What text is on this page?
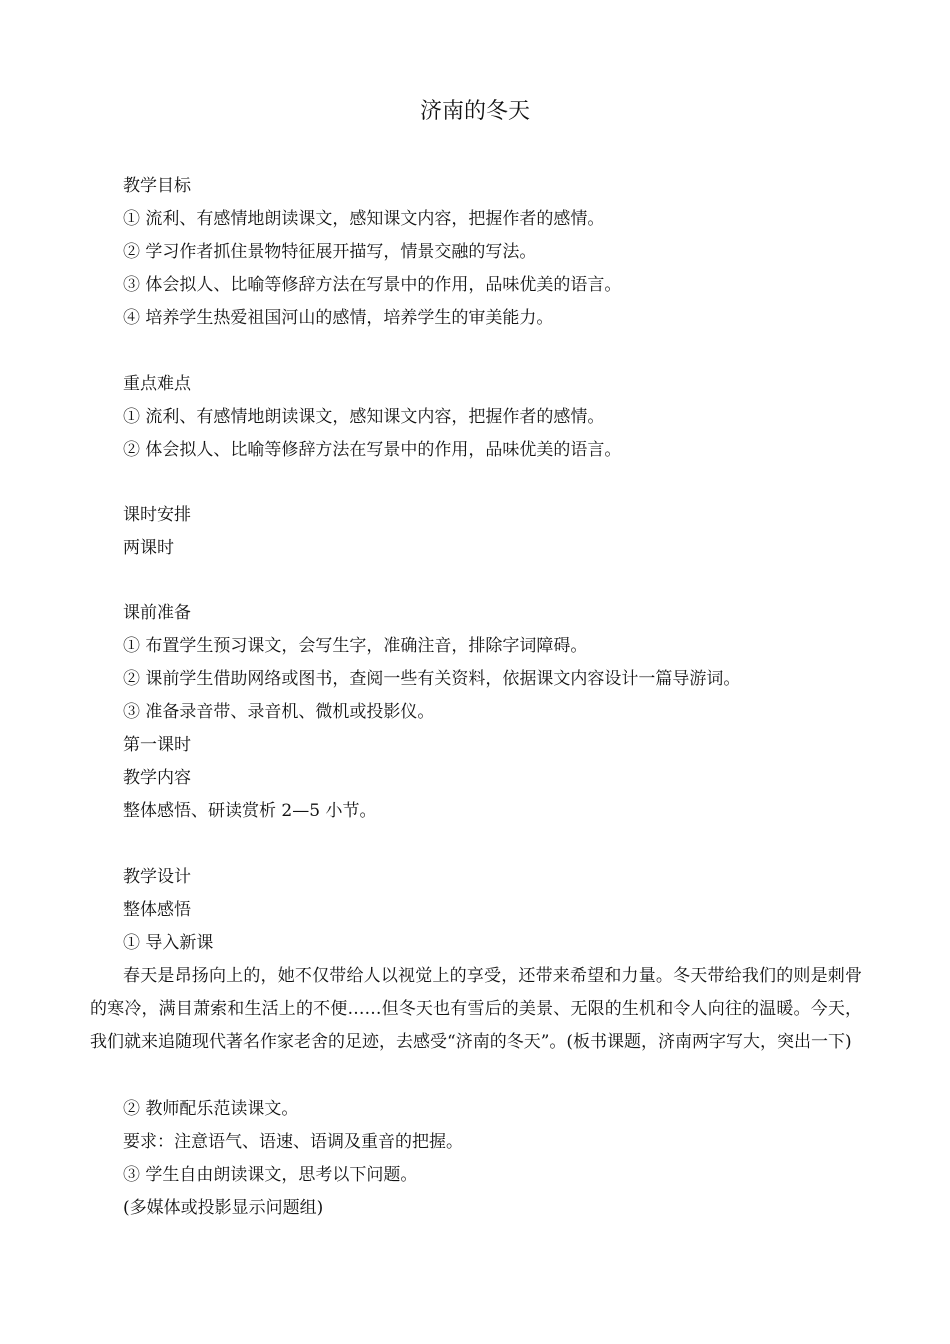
济南的冬天
教学目标
① 流利、有感情地朗读课文，感知课文内容，把握作者的感情。
② 学习作者抓住景物特征展开描写，情景交融的写法。
③ 体会拟人、比喻等修辞方法在写景中的作用，品味优美的语言。
④ 培养学生热爱祖国河山的感情，培养学生的审美能力。
重点难点
① 流利、有感情地朗读课文，感知课文内容，把握作者的感情。
② 体会拟人、比喻等修辞方法在写景中的作用，品味优美的语言。
课时安排
两课时
课前准备
① 布置学生预习课文，会写生字，准确注音，排除字词障碍。
② 课前学生借助网络或图书，查阅一些有关资料，依据课文内容设计一篇导游词。
③ 准备录音带、录音机、微机或投影仪。
第一课时
教学内容
整体感悟、研读赏析 2—5 小节。
教学设计
整体感悟
① 导入新课
春天是昂扬向上的，她不仅带给人以视觉上的享受，还带来希望和力量。冬天带给我们的则是刺骨的寒冷，满目萧索和生活上的不便……但冬天也有雪后的美景、无限的生机和令人向往的温暖。今天，我们就来追随现代著名作家老舍的足迹，去感受“济南的冬天”。(板书课题，济南两字写大，突出一下)
② 教师配乐范读课文。
要求：注意语气、语速、语调及重音的把握。
③ 学生自由朗读课文，思考以下问题。
(多媒体或投影显示问题组)
